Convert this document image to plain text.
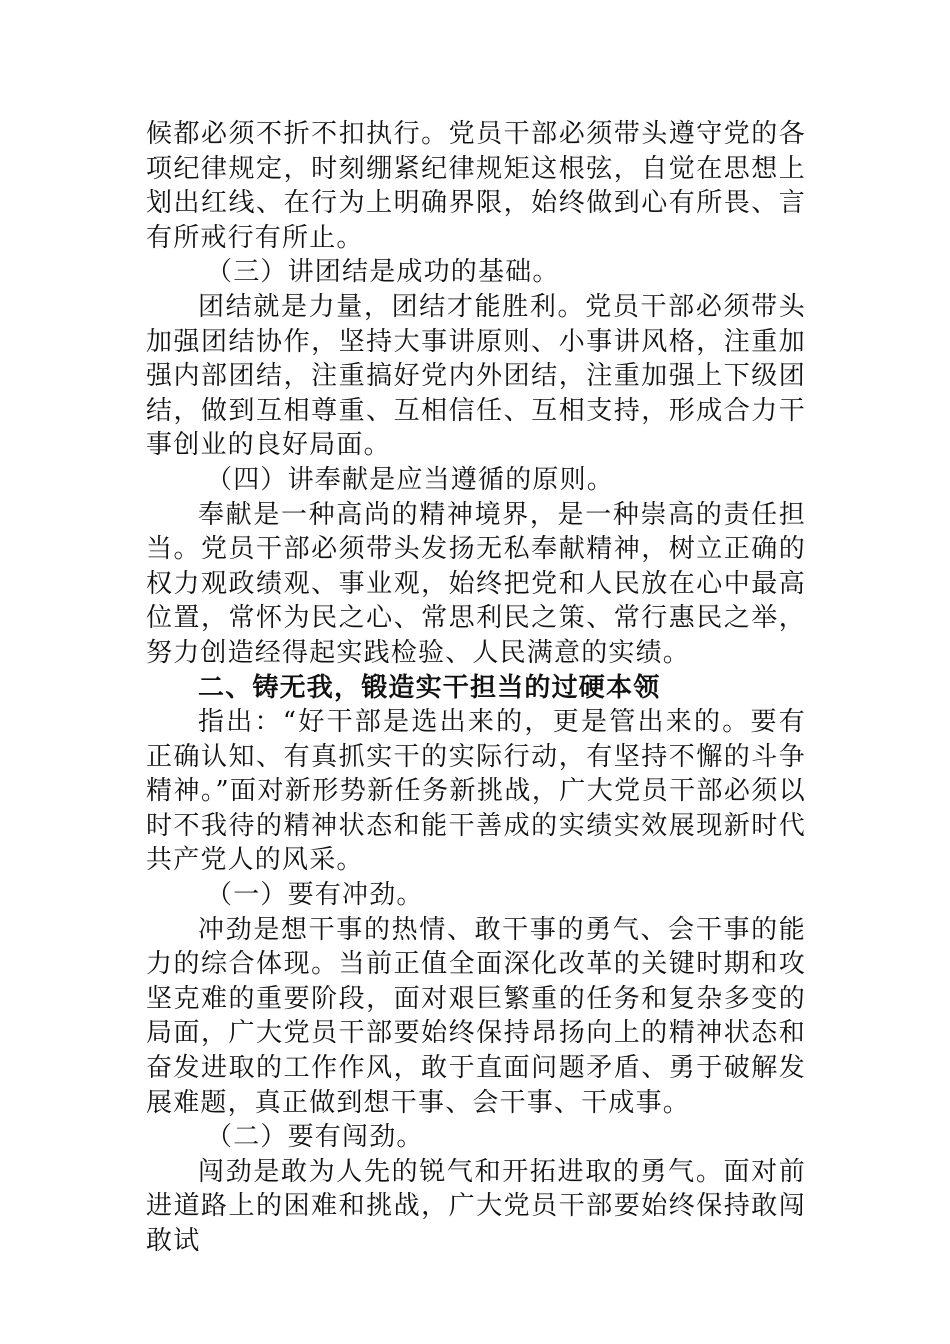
候都必须不折不扣执行。党员干部必须带头遵守党的各项纪律规定，时刻绷紧纪律规矩这根弦，自觉在思想上划出红线、在行为上明确界限，始终做到心有所畏、言有所戒行有所止。

（三）讲团结是成功的基础。

团结就是力量，团结才能胜利。党员干部必须带头加强团结协作，坚持大事讲原则、小事讲风格，注重加强内部团结，注重搞好党内外团结，注重加强上下级团结，做到互相尊重、互相信任、互相支持，形成合力干事创业的良好局面。

（四）讲奉献是应当遵循的原则。

奉献是一种高尚的精神境界，是一种崇高的责任担当。党员干部必须带头发扬无私奉献精神，树立正确的权力观政绩观、事业观，始终把党和人民放在心中最高位置，常怀为民之心、常思利民之策、常行惠民之举，努力创造经得起实践检验、人民满意的实绩。

二、铸无我，锻造实干担当的过硬本领

指出：“好干部是选出来的，更是管出来的。要有正确认知、有真抓实干的实际行动，有坚持不懈的斗争精神。”面对新形势新任务新挑战，广大党员干部必须以时不我待的精神状态和能干善成的实绩实效展现新时代共产党人的风采。

（一）要有冲劲。

冲劲是想干事的热情、敢干事的勇气、会干事的能力的综合体现。当前正值全面深化改革的关键时期和攻坚克难的重要阶段，面对艰巨繁重的任务和复杂多变的局面，广大党员干部要始终保持昂扬向上的精神状态和奋发进取的工作作风，敢于直面问题矛盾、勇于破解发展难题，真正做到想干事、会干事、干成事。

（二）要有闯劲。

闯劲是敢为人先的锐气和开拓进取的勇气。面对前进道路上的困难和挑战，广大党员干部要始终保持敢闯敢试
